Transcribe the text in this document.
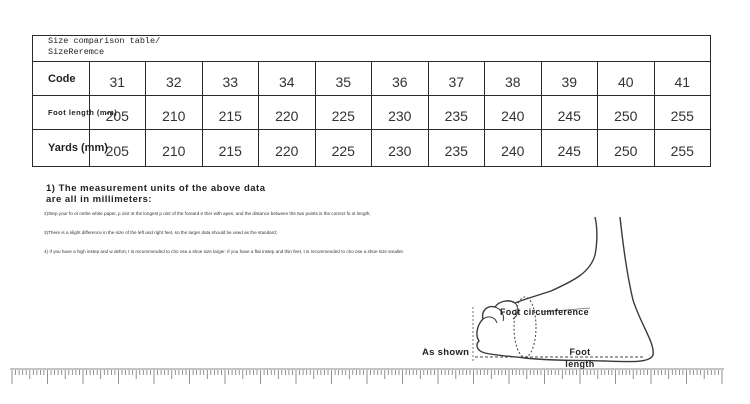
Size comparison table/
SizeReremce											

Code	31	32	33	34	35	36	37	38	39	40	41
Foot length (mm)	205	210	215	220	225	230	235	240	245	250	255
Yards (mm)	205	210	215	220	225	230	235	240	245	250	255
1) The measurement units of the above data are all in millimeters:
2)Step your fo ot onthe white paper, p oint ot the longest p oint of the foreard e ther with apen, and the distance between the two points is the correct fo ot length;
3)There is a slight difference in the size of the left and right feet, so the larger data should be used as the standard;
4) If you have a high instep and w defort, t is recommended to cho ose a shoe size larger. If you have a flat instep and thin feet, t is recommended to cho ose a shoe size smaller.
Foot circumference
As shown	Foot
length
